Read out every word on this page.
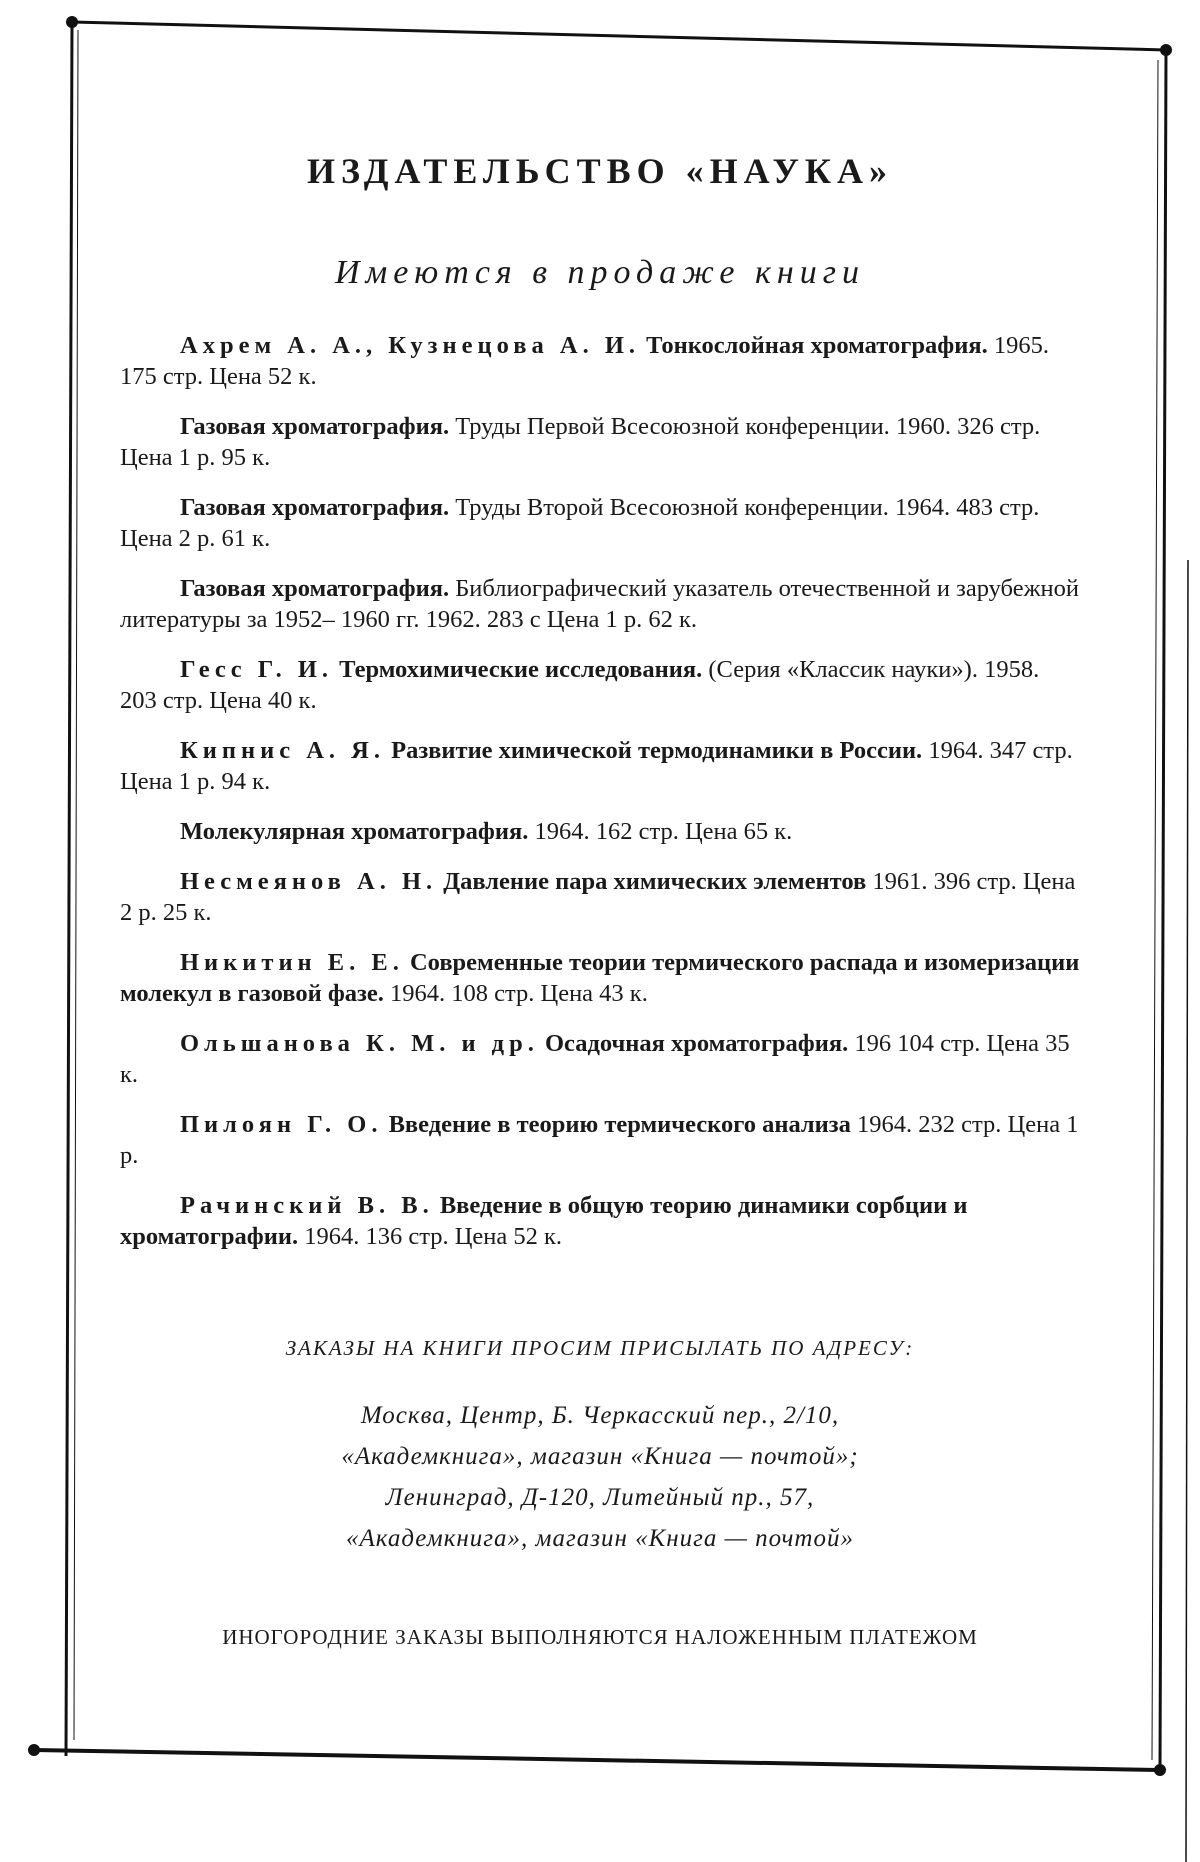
ИЗДАТЕЛЬСТВО «НАУКА»
Имеются в продаже книги
Ахрем А. А., Кузнецова А. И. Тонкослойная хроматография. 1965. 175 стр. Цена 52 к.
Газовая хроматография. Труды Первой Всесоюзной конференции. 1960. 326 стр. Цена 1 р. 95 к.
Газовая хроматография. Труды Второй Всесоюзной конференции. 1964. 483 стр. Цена 2 р. 61 к.
Газовая хроматография. Библиографический указатель отечественной и зарубежной литературы за 1952– 1960 гг. 1962. 283 с Цена 1 р. 62 к.
Гесс Г. И. Термохимические исследования. (Серия «Классик науки»). 1958. 203 стр. Цена 40 к.
Кипнис А. Я. Развитие химической термодинамики в России. 1964. 347 стр. Цена 1 р. 94 к.
Молекулярная хроматография. 1964. 162 стр. Цена 65 к.
Несмеянов А. Н. Давление пара химических элементов 1961. 396 стр. Цена 2 р. 25 к.
Никитин Е. Е. Современные теории термического распада и изомеризации молекул в газовой фазе. 1964. 108 стр. Цена 43 к.
Ольшанова К. М. и др. Осадочная хроматография. 196 104 стр. Цена 35 к.
Пилоян Г. О. Введение в теорию термического анализа 1964. 232 стр. Цена 1 р.
Рачинский В. В. Введение в общую теорию динамики сорбции и хроматографии. 1964. 136 стр. Цена 52 к.
ЗАКАЗЫ НА КНИГИ ПРОСИМ ПРИСЫЛАТЬ ПО АДРЕСУ:
Москва, Центр, Б. Черкасский пер., 2/10,
«Академкнига», магазин «Книга — почтой»;
Ленинград, Д-120, Литейный пр., 57,
«Академкнига», магазин «Книга — почтой»
ИНОГОРОДНИЕ ЗАКАЗЫ ВЫПОЛНЯЮТСЯ НАЛОЖЕННЫМ ПЛАТЕЖОМ
